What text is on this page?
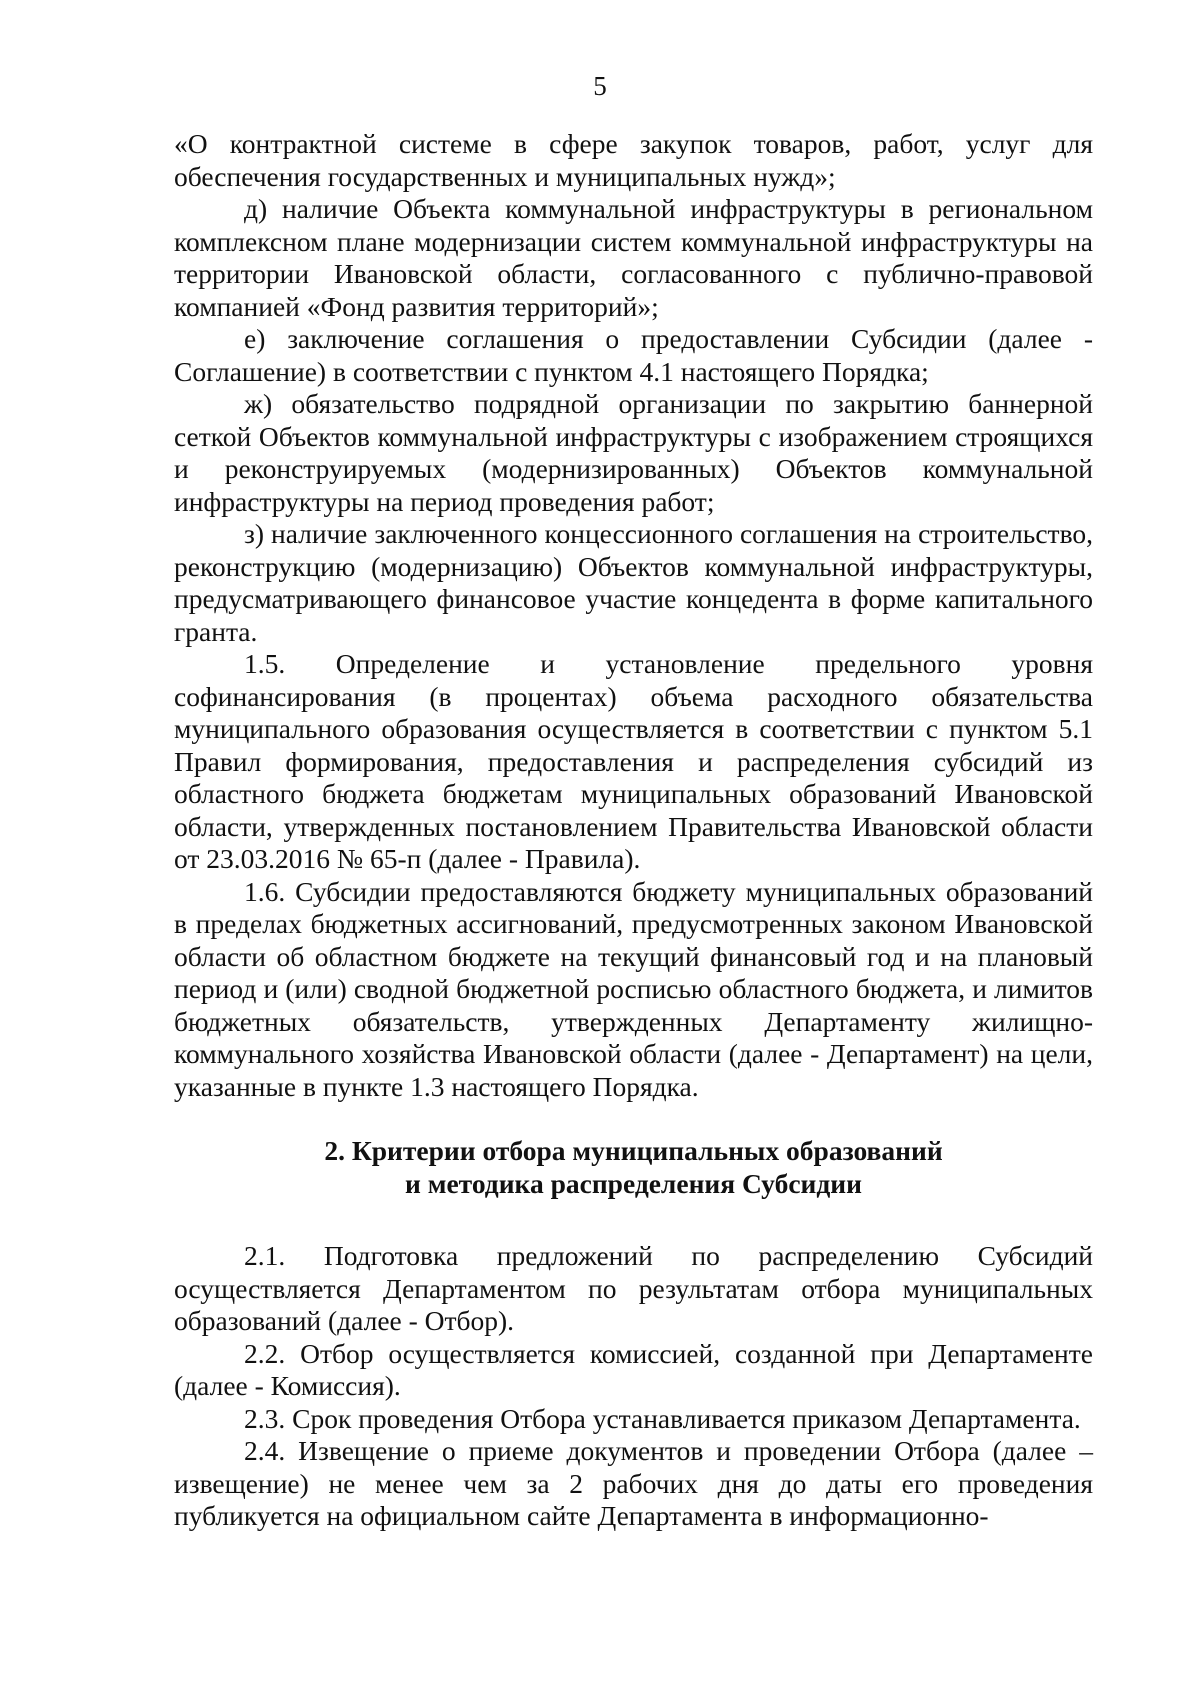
5

«О контрактной системе в сфере закупок товаров, работ, услуг для обеспечения государственных и муниципальных нужд»;

д) наличие Объекта коммунальной инфраструктуры в региональном комплексном плане модернизации систем коммунальной инфраструктуры на территории Ивановской области, согласованного с публично-правовой компанией «Фонд развития территорий»;

е) заключение соглашения о предоставлении Субсидии (далее - Соглашение) в соответствии с пунктом 4.1 настоящего Порядка;

ж) обязательство подрядной организации по закрытию баннерной сеткой Объектов коммунальной инфраструктуры с изображением строящихся и реконструируемых (модернизированных) Объектов коммунальной инфраструктуры на период проведения работ;

з) наличие заключенного концессионного соглашения на строительство, реконструкцию (модернизацию) Объектов коммунальной инфраструктуры, предусматривающего финансовое участие концедента в форме капитального гранта.

1.5. Определение и установление предельного уровня софинансирования (в процентах) объема расходного обязательства муниципального образования осуществляется в соответствии с пунктом 5.1 Правил формирования, предоставления и распределения субсидий из областного бюджета бюджетам муниципальных образований Ивановской области, утвержденных постановлением Правительства Ивановской области от 23.03.2016 № 65-п (далее - Правила).

1.6. Субсидии предоставляются бюджету муниципальных образований в пределах бюджетных ассигнований, предусмотренных законом Ивановской области об областном бюджете на текущий финансовый год и на плановый период и (или) сводной бюджетной росписью областного бюджета, и лимитов бюджетных обязательств, утвержденных Департаменту жилищно-коммунального хозяйства Ивановской области (далее - Департамент) на цели, указанные в пункте 1.3 настоящего Порядка.

2. Критерии отбора муниципальных образований

и методика распределения Субсидии

2.1. Подготовка предложений по распределению Субсидий осуществляется Департаментом по результатам отбора муниципальных образований (далее - Отбор).

2.2. Отбор осуществляется комиссией, созданной при Департаменте (далее - Комиссия).

2.3. Срок проведения Отбора устанавливается приказом Департамента.

2.4. Извещение о приеме документов и проведении Отбора (далее – извещение) не менее чем за 2 рабочих дня до даты его проведения публикуется на официальном сайте Департамента в информационно-
